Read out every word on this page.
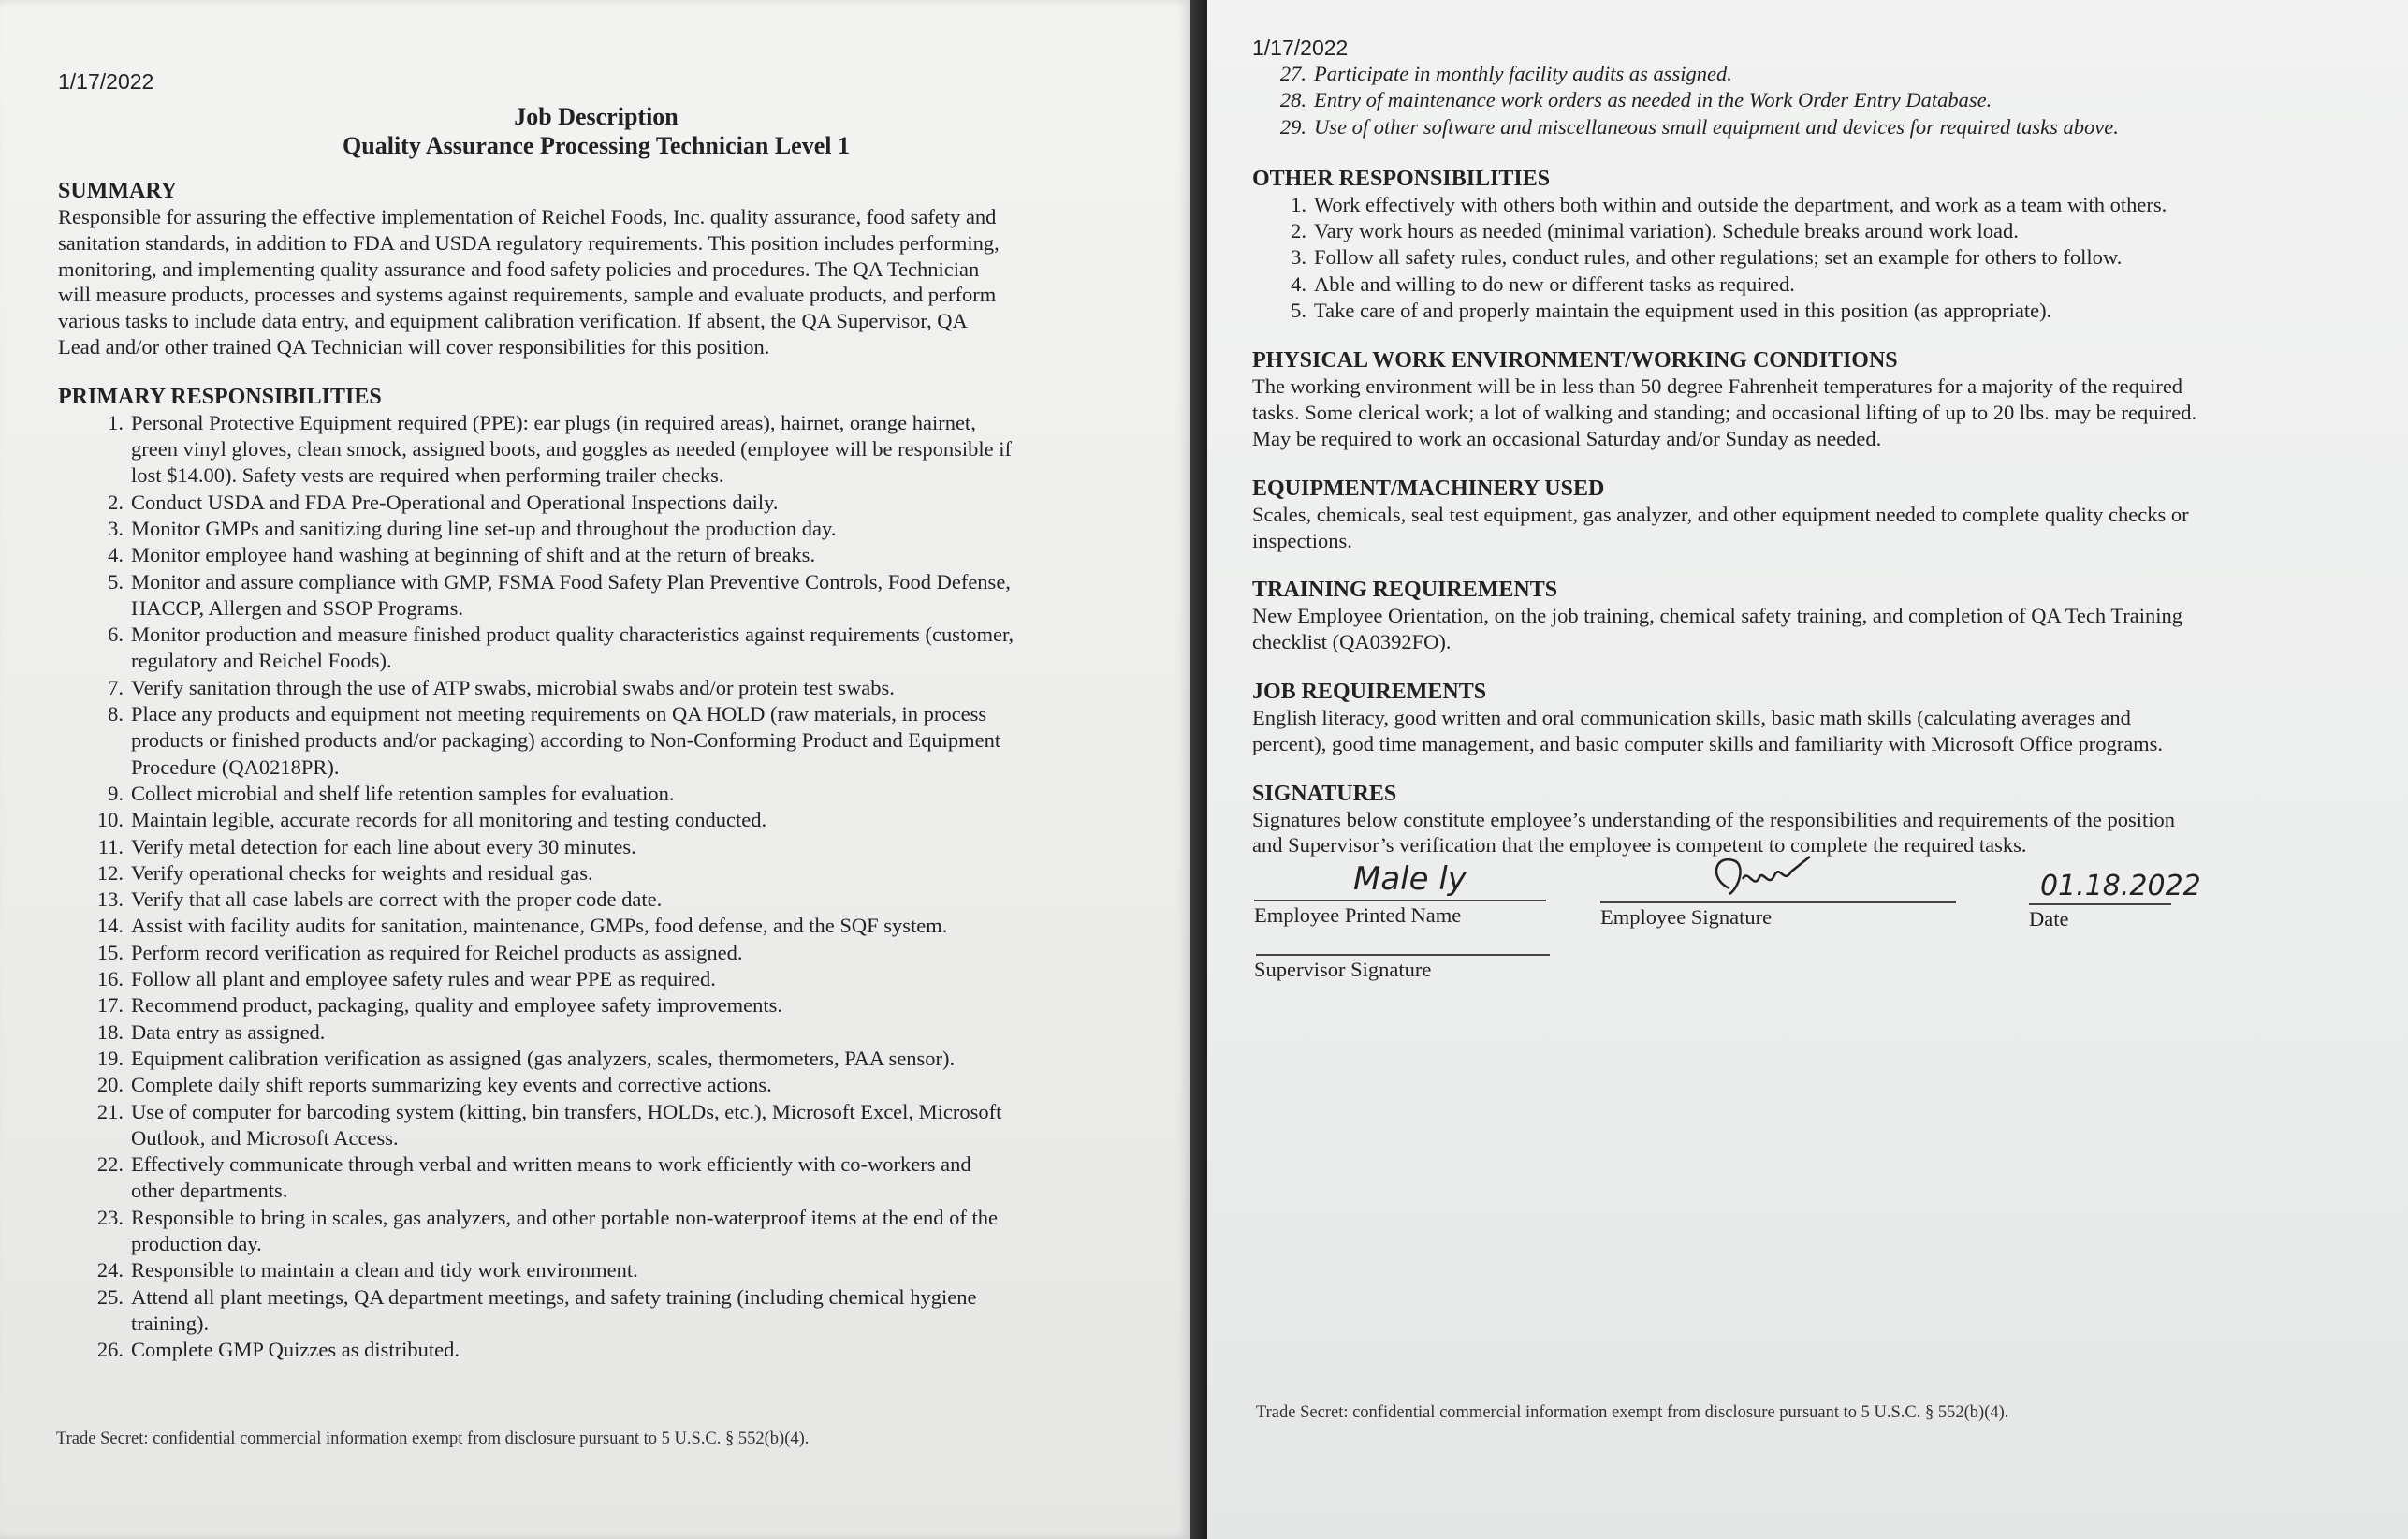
1/17/2022
Job Description
Quality Assurance Processing Technician Level 1
SUMMARY
Responsible for assuring the effective implementation of Reichel Foods, Inc. quality assurance, food safety and
sanitation standards, in addition to FDA and USDA regulatory requirements. This position includes performing,
monitoring, and implementing quality assurance and food safety policies and procedures. The QA Technician
will measure products, processes and systems against requirements, sample and evaluate products, and perform
various tasks to include data entry, and equipment calibration verification. If absent, the QA Supervisor, QA
Lead and/or other trained QA Technician will cover responsibilities for this position.
PRIMARY RESPONSIBILITIES
1. Personal Protective Equipment required (PPE): ear plugs (in required areas), hairnet, orange hairnet,
green vinyl gloves, clean smock, assigned boots, and goggles as needed (employee will be responsible if
lost $14.00). Safety vests are required when performing trailer checks.
2. Conduct USDA and FDA Pre-Operational and Operational Inspections daily.
3. Monitor GMPs and sanitizing during line set-up and throughout the production day.
4. Monitor employee hand washing at beginning of shift and at the return of breaks.
5. Monitor and assure compliance with GMP, FSMA Food Safety Plan Preventive Controls, Food Defense,
HACCP, Allergen and SSOP Programs.
6. Monitor production and measure finished product quality characteristics against requirements (customer,
regulatory and Reichel Foods).
7. Verify sanitation through the use of ATP swabs, microbial swabs and/or protein test swabs.
8. Place any products and equipment not meeting requirements on QA HOLD (raw materials, in process
products or finished products and/or packaging) according to Non-Conforming Product and Equipment
Procedure (QA0218PR).
9. Collect microbial and shelf life retention samples for evaluation.
10. Maintain legible, accurate records for all monitoring and testing conducted.
11. Verify metal detection for each line about every 30 minutes.
12. Verify operational checks for weights and residual gas.
13. Verify that all case labels are correct with the proper code date.
14. Assist with facility audits for sanitation, maintenance, GMPs, food defense, and the SQF system.
15. Perform record verification as required for Reichel products as assigned.
16. Follow all plant and employee safety rules and wear PPE as required.
17. Recommend product, packaging, quality and employee safety improvements.
18. Data entry as assigned.
19. Equipment calibration verification as assigned (gas analyzers, scales, thermometers, PAA sensor).
20. Complete daily shift reports summarizing key events and corrective actions.
21. Use of computer for barcoding system (kitting, bin transfers, HOLDs, etc.), Microsoft Excel, Microsoft
Outlook, and Microsoft Access.
22. Effectively communicate through verbal and written means to work efficiently with co-workers and
other departments.
23. Responsible to bring in scales, gas analyzers, and other portable non-waterproof items at the end of the
production day.
24. Responsible to maintain a clean and tidy work environment.
25. Attend all plant meetings, QA department meetings, and safety training (including chemical hygiene
training).
26. Complete GMP Quizzes as distributed.
Trade Secret: confidential commercial information exempt from disclosure pursuant to 5 U.S.C. § 552(b)(4).
1/17/2022
27. Participate in monthly facility audits as assigned.
28. Entry of maintenance work orders as needed in the Work Order Entry Database.
29. Use of other software and miscellaneous small equipment and devices for required tasks above.
OTHER RESPONSIBILITIES
1. Work effectively with others both within and outside the department, and work as a team with others.
2. Vary work hours as needed (minimal variation). Schedule breaks around work load.
3. Follow all safety rules, conduct rules, and other regulations; set an example for others to follow.
4. Able and willing to do new or different tasks as required.
5. Take care of and properly maintain the equipment used in this position (as appropriate).
PHYSICAL WORK ENVIRONMENT/WORKING CONDITIONS
The working environment will be in less than 50 degree Fahrenheit temperatures for a majority of the required
tasks. Some clerical work; a lot of walking and standing; and occasional lifting of up to 20 lbs. may be required.
May be required to work an occasional Saturday and/or Sunday as needed.
EQUIPMENT/MACHINERY USED
Scales, chemicals, seal test equipment, gas analyzer, and other equipment needed to complete quality checks or
inspections.
TRAINING REQUIREMENTS
New Employee Orientation, on the job training, chemical safety training, and completion of QA Tech Training
checklist (QA0392FO).
JOB REQUIREMENTS
English literacy, good written and oral communication skills, basic math skills (calculating averages and
percent), good time management, and basic computer skills and familiarity with Microsoft Office programs.
SIGNATURES
Signatures below constitute employee’s understanding of the responsibilities and requirements of the position
and Supervisor’s verification that the employee is competent to complete the required tasks.
Male ly
Employee Printed Name	Employee Signature
01.18.2022
Date
Supervisor Signature
Trade Secret: confidential commercial information exempt from disclosure pursuant to 5 U.S.C. § 552(b)(4).
